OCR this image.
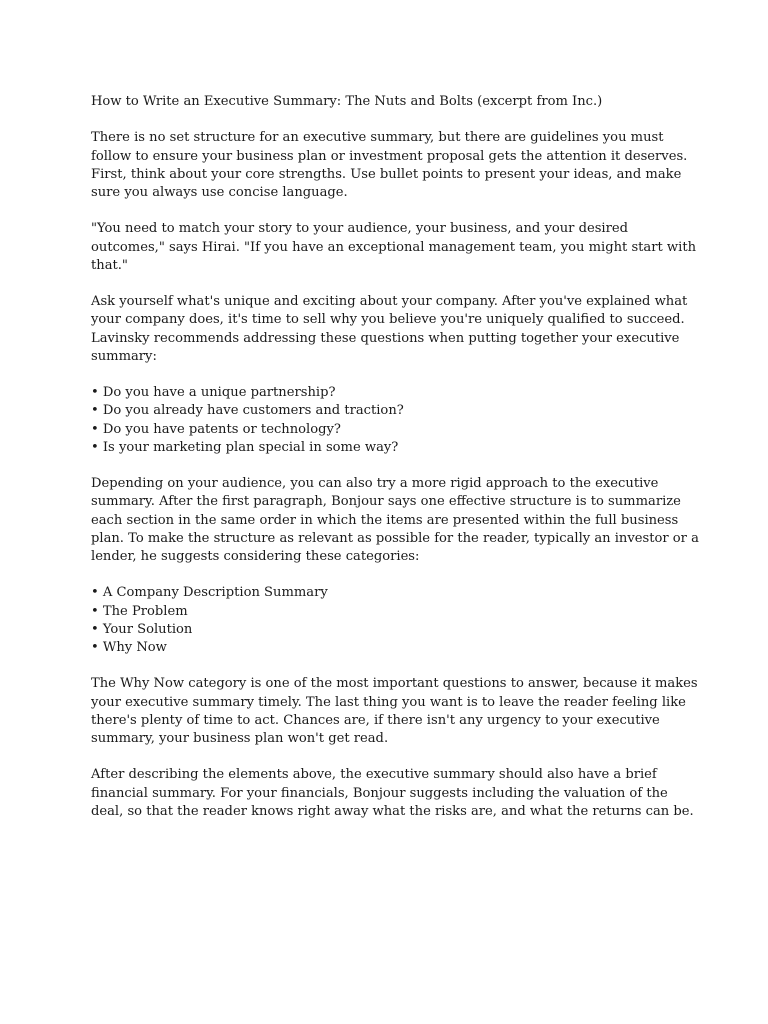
How to Write an Executive Summary: The Nuts and Bolts (excerpt from Inc.)
There is no set structure for an executive summary, but there are guidelines you must
follow to ensure your business plan or investment proposal gets the attention it deserves.
First, think about your core strengths. Use bullet points to present your ideas, and make
sure you always use concise language.
"You need to match your story to your audience, your business, and your desired
outcomes," says Hirai. "If you have an exceptional management team, you might start with
that."
Ask yourself what's unique and exciting about your company. After you've explained what
your company does, it's time to sell why you believe you're uniquely qualified to succeed.
Lavinsky recommends addressing these questions when putting together your executive
summary:
• Do you have a unique partnership?
• Do you already have customers and traction?
• Do you have patents or technology?
• Is your marketing plan special in some way?
Depending on your audience, you can also try a more rigid approach to the executive
summary. After the first paragraph, Bonjour says one effective structure is to summarize
each section in the same order in which the items are presented within the full business
plan. To make the structure as relevant as possible for the reader, typically an investor or a
lender, he suggests considering these categories:
• A Company Description Summary
• The Problem
• Your Solution
• Why Now
The Why Now category is one of the most important questions to answer, because it makes
your executive summary timely. The last thing you want is to leave the reader feeling like
there's plenty of time to act. Chances are, if there isn't any urgency to your executive
summary, your business plan won't get read.
After describing the elements above, the executive summary should also have a brief
financial summary. For your financials, Bonjour suggests including the valuation of the
deal, so that the reader knows right away what the risks are, and what the returns can be.
